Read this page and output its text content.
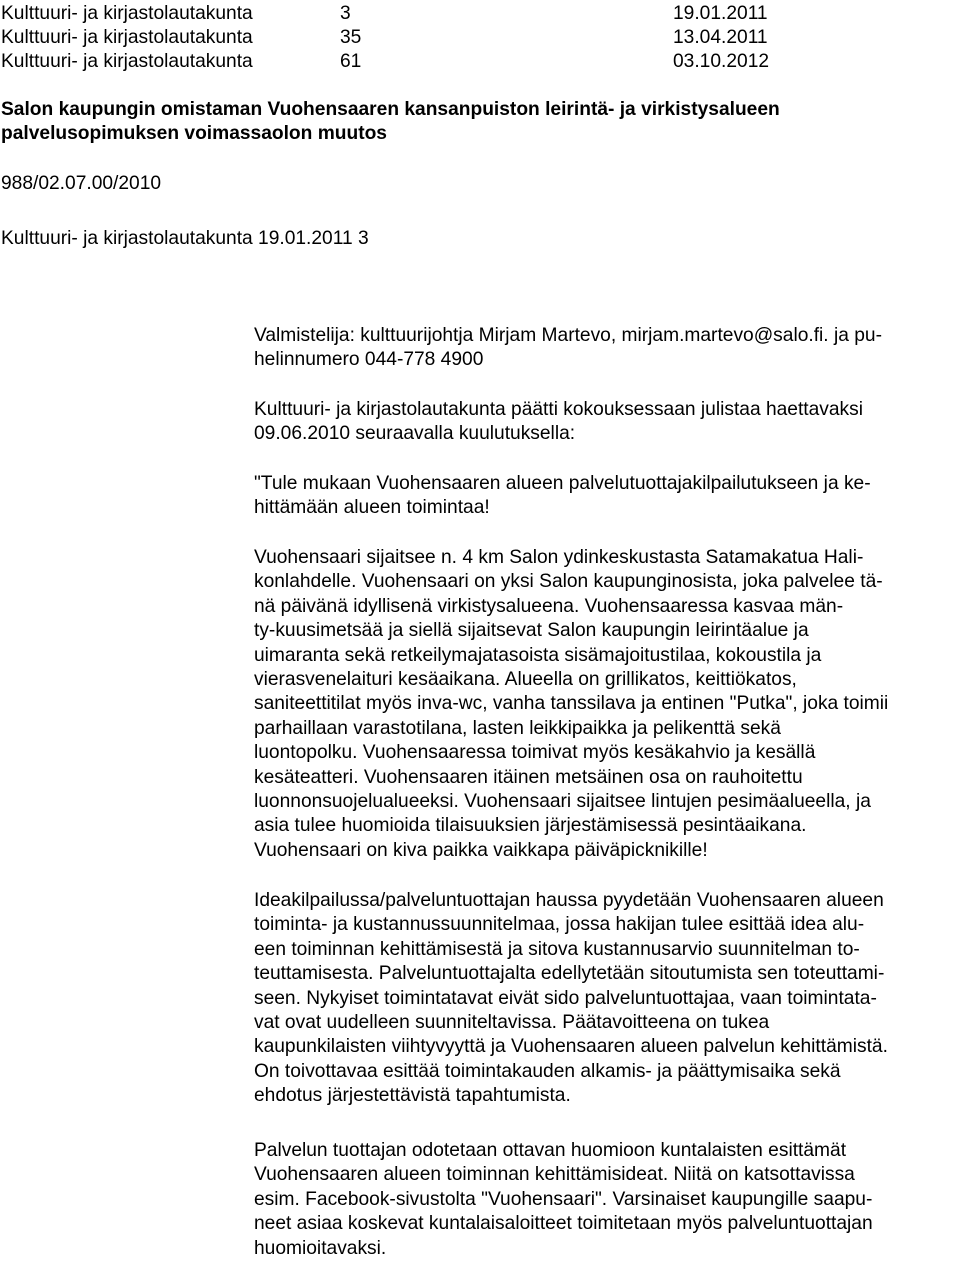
Kulttuuri- ja kirjastolautakunta	3	19.01.2011
Kulttuuri- ja kirjastolautakunta	35	13.04.2011
Kulttuuri- ja kirjastolautakunta	61	03.10.2012
Salon kaupungin omistaman Vuohensaaren kansanpuiston leirintä- ja virkistysalueen
palvelusopimuksen voimassaolon muutos
988/02.07.00/2010
Kulttuuri- ja kirjastolautakunta 19.01.2011 3
Valmistelija: kulttuurijohtja Mirjam Martevo, mirjam.martevo@salo.fi. ja pu-
helinnumero 044-778 4900
Kulttuuri- ja kirjastolautakunta päätti kokouksessaan julistaa haettavaksi
09.06.2010 seuraavalla kuulutuksella:
"Tule mukaan Vuohensaaren alueen palvelutuottajakilpailutukseen ja ke-
hittämään alueen toimintaa!
Vuohensaari sijaitsee n. 4 km Salon ydinkeskustasta Satamakatua Hali-
konlahdelle. Vuohensaari on yksi Salon kaupunginosista, joka palvelee tä-
nä päivänä idyllisenä virkistysalueena. Vuohensaaressa kasvaa män-
ty-kuusimetsää ja siellä sijaitsevat Salon kaupungin leirintäalue ja
uimaranta sekä retkeilymajatasoista sisämajoitustilaa, kokoustila ja
vierasvenelaituri kesäaikana. Alueella on grillikatos, keittiökatos,
saniteettitilat myös inva-wc, vanha tanssilava ja entinen "Putka", joka toimii
parhaillaan varastotilana, lasten leikkipaikka ja pelikenttä sekä
luontopolku. Vuohensaaressa toimivat myös kesäkahvio ja kesällä
kesäteatteri. Vuohensaaren itäinen metsäinen osa on rauhoitettu
luonnonsuojelualueeksi. Vuohensaari sijaitsee lintujen pesimäalueella, ja
asia tulee huomioida tilaisuuksien järjestämisessä pesintäaikana.
Vuohensaari on kiva paikka vaikkapa päiväpicknikille!
Ideakilpailussa/palveluntuottajan haussa pyydetään Vuohensaaren alueen
toiminta- ja kustannussuunnitelmaa, jossa hakijan tulee esittää idea alu-
een toiminnan kehittämisestä ja sitova kustannusarvio suunnitelman to-
teuttamisesta. Palveluntuottajalta edellytetään sitoutumista sen toteuttami-
seen. Nykyiset toimintatavat eivät sido palveluntuottajaa, vaan toimintata-
vat ovat uudelleen suunniteltavissa. Päätavoitteena on tukea
kaupunkilaisten viihtyvyyttä ja Vuohensaaren alueen palvelun kehittämistä.
On toivottavaa esittää toimintakauden alkamis- ja päättymisaika sekä
ehdotus järjestettävistä tapahtumista.
Palvelun tuottajan odotetaan ottavan huomioon kuntalaisten esittämät
Vuohensaaren alueen toiminnan kehittämisideat. Niitä on katsottavissa
esim. Facebook-sivustolta "Vuohensaari". Varsinaiset kaupungille saapu-
neet asiaa koskevat kuntalaisaloitteet toimitetaan myös palveluntuottajan
huomioitavaksi.
